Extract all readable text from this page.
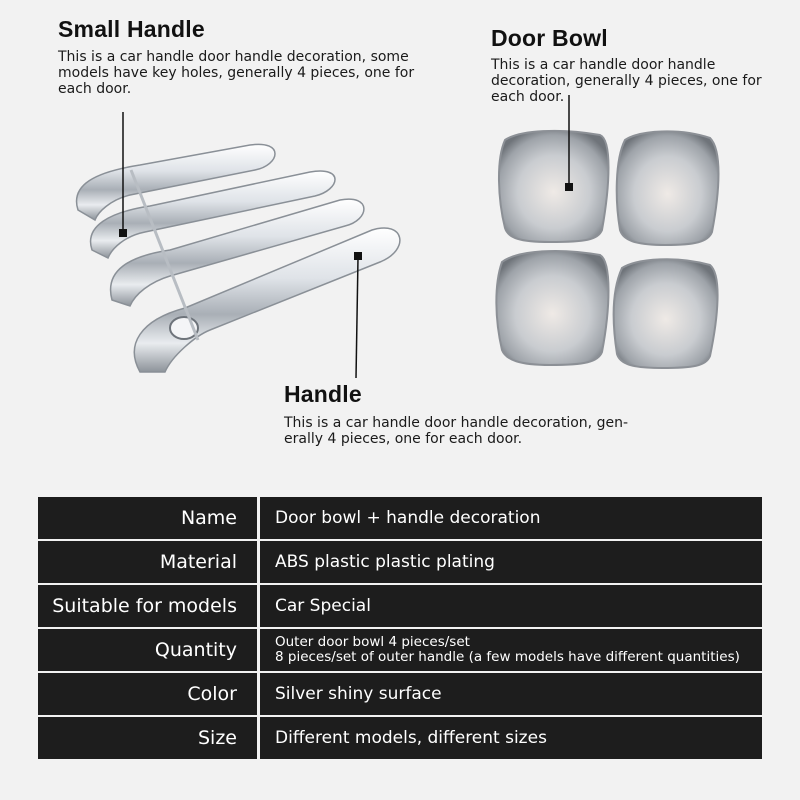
Small Handle
This is a car handle door handle decoration, some models have key holes, generally 4 pieces, one for each door.
Door Bowl
This is a car handle door handle decoration, generally 4 pieces, one for each door.
Handle
This is a car handle door handle decoration, gen-erally 4 pieces, one for each door.
Name	Door bowl + handle decoration
Material	ABS plastic plastic plating
Suitable for models	Car Special
Quantity	Outer door bowl 4 pieces/set
8 pieces/set of outer handle (a few models have different quantities)
Color	Silver shiny surface
Size	Different models, different sizes
